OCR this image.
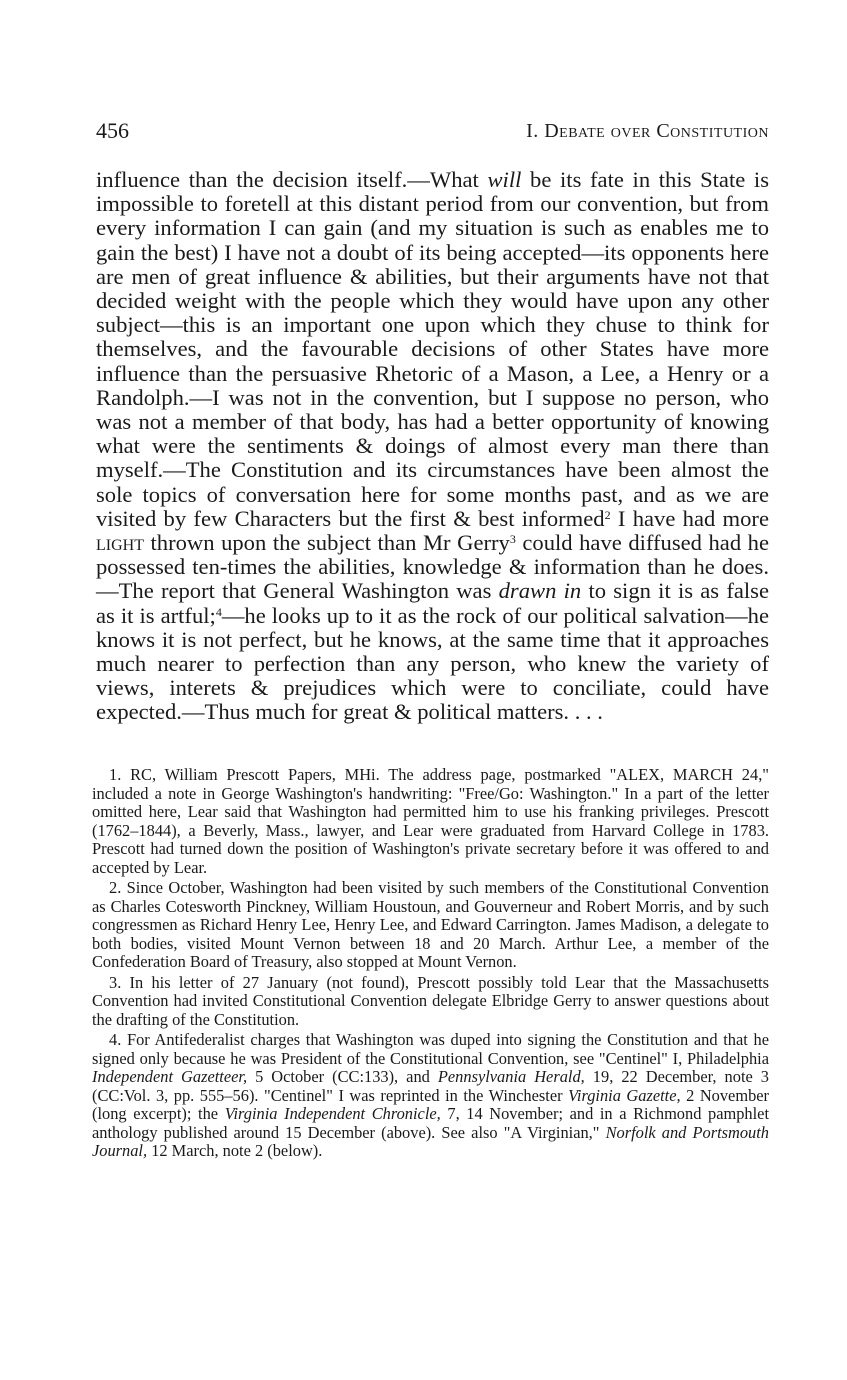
456	I. Debate over Constitution

influence than the decision itself.—What will be its fate in this State is impossible to foretell at this distant period from our convention, but from every information I can gain (and my situation is such as enables me to gain the best) I have not a doubt of its being accepted—its opponents here are men of great influence & abilities, but their arguments have not that decided weight with the people which they would have upon any other subject—this is an important one upon which they chuse to think for themselves, and the favourable decisions of other States have more influence than the persuasive Rhetoric of a Mason, a Lee, a Henry or a Randolph.—I was not in the convention, but I suppose no person, who was not a member of that body, has had a better opportunity of knowing what were the sentiments & doings of almost every man there than myself.—The Constitution and its circumstances have been almost the sole topics of conversation here for some months past, and as we are visited by few Characters but the first & best informed$^2$ I have had more light thrown upon the subject than Mr Gerry$^3$ could have diffused had he possessed ten-times the abilities, knowledge & information than he does.—The report that General Washington was drawn in to sign it is as false as it is artful;$^4$—he looks up to it as the rock of our political salvation—he knows it is not perfect, but he knows, at the same time that it approaches much nearer to perfection than any person, who knew the variety of views, interets & prejudices which were to conciliate, could have expected.—Thus much for great & political matters. . . .

1. RC, William Prescott Papers, MHi. The address page, postmarked "ALEX, MARCH 24," included a note in George Washington's handwriting: "Free/Go: Washington." In a part of the letter omitted here, Lear said that Washington had permitted him to use his franking privileges. Prescott (1762–1844), a Beverly, Mass., lawyer, and Lear were graduated from Harvard College in 1783. Prescott had turned down the position of Washington's private secretary before it was offered to and accepted by Lear.

2. Since October, Washington had been visited by such members of the Constitutional Convention as Charles Cotesworth Pinckney, William Houstoun, and Gouverneur and Robert Morris, and by such congressmen as Richard Henry Lee, Henry Lee, and Edward Carrington. James Madison, a delegate to both bodies, visited Mount Vernon between 18 and 20 March. Arthur Lee, a member of the Confederation Board of Treasury, also stopped at Mount Vernon.

3. In his letter of 27 January (not found), Prescott possibly told Lear that the Massachusetts Convention had invited Constitutional Convention delegate Elbridge Gerry to answer questions about the drafting of the Constitution.

4. For Antifederalist charges that Washington was duped into signing the Constitution and that he signed only because he was President of the Constitutional Convention, see "Centinel" I, Philadelphia Independent Gazetteer, 5 October (CC:133), and Pennsylvania Herald, 19, 22 December, note 3 (CC:Vol. 3, pp. 555–56). "Centinel" I was reprinted in the Winchester Virginia Gazette, 2 November (long excerpt); the Virginia Independent Chronicle, 7, 14 November; and in a Richmond pamphlet anthology published around 15 December (above). See also "A Virginian," Norfolk and Portsmouth Journal, 12 March, note 2 (below).
